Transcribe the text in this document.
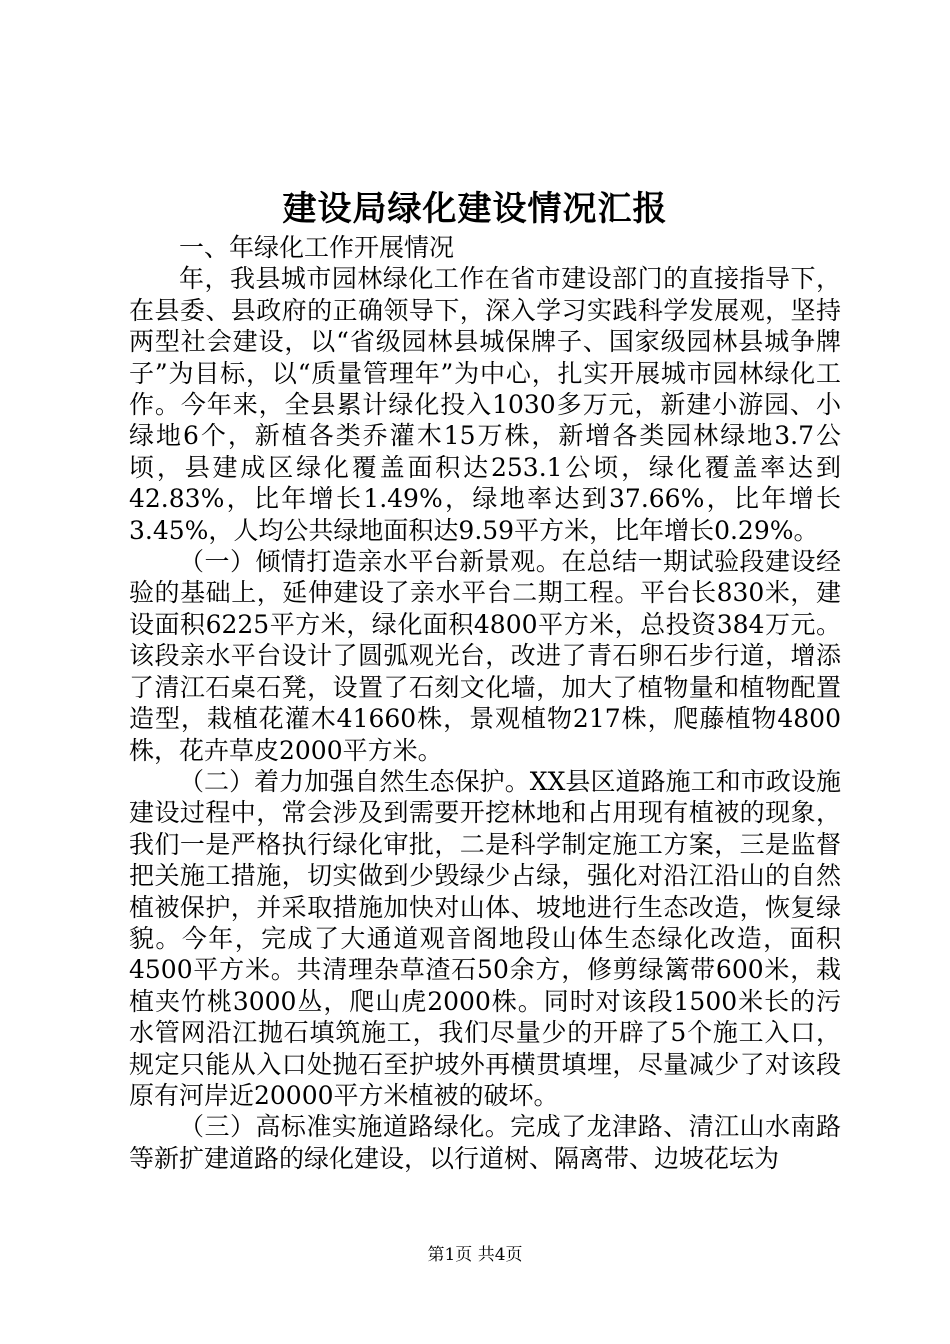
建设局绿化建设情况汇报

一、年绿化工作开展情况

年，我县城市园林绿化工作在省市建设部门的直接指导下，在县委、县政府的正确领导下，深入学习实践科学发展观，坚持两型社会建设，以“省级园林县城保牌子、国家级园林县城争牌子”为目标，以“质量管理年”为中心，扎实开展城市园林绿化工作。今年来，全县累计绿化投入1030多万元，新建小游园、小绿地6个，新植各类乔灌木15万株，新增各类园林绿地3.7公顷，县建成区绿化覆盖面积达253.1公顷，绿化覆盖率达到42.83%，比年增长1.49%，绿地率达到37.66%，比年增长3.45%，人均公共绿地面积达9.59平方米，比年增长0.29%。

（一）倾情打造亲水平台新景观。在总结一期试验段建设经验的基础上，延伸建设了亲水平台二期工程。平台长830米，建设面积6225平方米，绿化面积4800平方米，总投资384万元。该段亲水平台设计了圆弧观光台，改进了青石卵石步行道，增添了清江石桌石凳，设置了石刻文化墙，加大了植物量和植物配置造型，栽植花灌木41660株，景观植物217株，爬藤植物4800株，花卉草皮2000平方米。

（二）着力加强自然生态保护。XX县区道路施工和市政设施建设过程中，常会涉及到需要开挖林地和占用现有植被的现象，我们一是严格执行绿化审批，二是科学制定施工方案，三是监督把关施工措施，切实做到少毁绿少占绿，强化对沿江沿山的自然植被保护，并采取措施加快对山体、坡地进行生态改造，恢复绿貌。今年，完成了大通道观音阁地段山体生态绿化改造，面积4500平方米。共清理杂草渣石50余方，修剪绿篱带600米，栽植夹竹桃3000丛，爬山虎2000株。同时对该段1500米长的污水管网沿江抛石填筑施工，我们尽量少的开辟了5个施工入口，规定只能从入口处抛石至护坡外再横贯填埋，尽量减少了对该段原有河岸近20000平方米植被的破坏。

（三）高标准实施道路绿化。完成了龙津路、清江山水南路等新扩建道路的绿化建设，以行道树、隔离带、边坡花坛为

第1页 共4页
